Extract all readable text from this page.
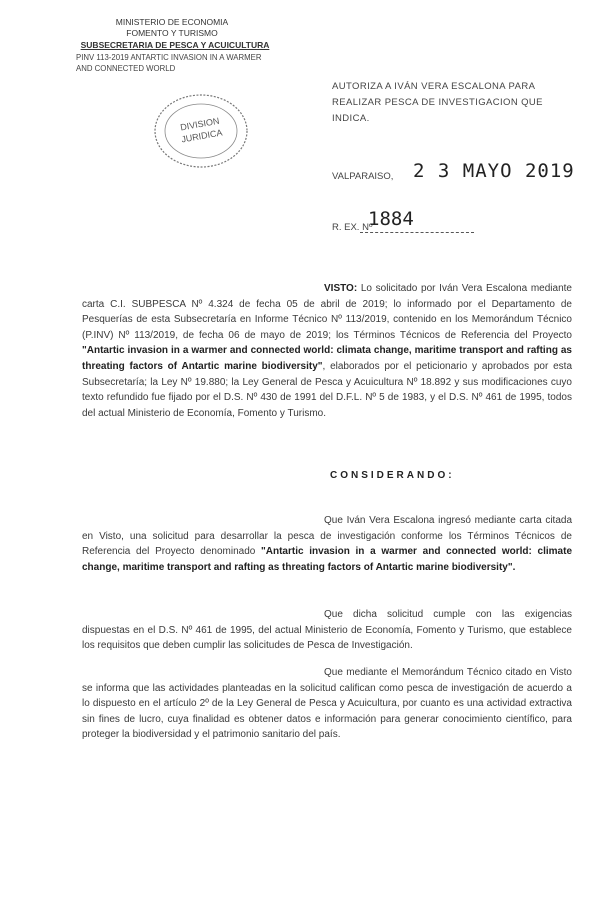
MINISTERIO DE ECONOMIA
FOMENTO Y TURISMO
SUBSECRETARIA DE PESCA Y ACUICULTURA
PINV 113-2019 ANTARTIC INVASION IN A WARMER
AND CONNECTED WORLD
DIVISION
JURIDICA
AUTORIZA A IVÁN VERA ESCALONA PARA REALIZAR PESCA DE INVESTIGACION QUE INDICA.
VALPARAISO, 2 3 MAYO 2019
R. EX. Nº
1884
VISTO: Lo solicitado por Iván Vera Escalona mediante carta C.I. SUBPESCA Nº 4.324 de fecha 05 de abril de 2019; lo informado por el Departamento de Pesquerías de esta Subsecretaría en Informe Técnico Nº 113/2019, contenido en los Memorándum Técnico (P.INV) Nº 113/2019, de fecha 06 de mayo de 2019; los Términos Técnicos de Referencia del Proyecto "Antartic invasion in a warmer and connected world: climata change, maritime transport and rafting as threating factors of Antartic marine biodiversity", elaborados por el peticionario y aprobados por esta Subsecretaría; la Ley Nº 19.880; la Ley General de Pesca y Acuicultura Nº 18.892 y sus modificaciones cuyo texto refundido fue fijado por el D.S. Nº 430 de 1991 del D.F.L. Nº 5 de 1983, y el D.S. Nº 461 de 1995, todos del actual Ministerio de Economía, Fomento y Turismo.
CONSIDERANDO:
Que Iván Vera Escalona ingresó mediante carta citada en Visto, una solicitud para desarrollar la pesca de investigación conforme los Términos Técnicos de Referencia del Proyecto denominado "Antartic invasion in a warmer and connected world: climate change, maritime transport and rafting as threating factors of Antartic marine biodiversity".
Que dicha solicitud cumple con las exigencias dispuestas en el D.S. Nº 461 de 1995, del actual Ministerio de Economía, Fomento y Turismo, que establece los requisitos que deben cumplir las solicitudes de Pesca de Investigación.
Que mediante el Memorándum Técnico citado en Visto se informa que las actividades planteadas en la solicitud califican como pesca de investigación de acuerdo a lo dispuesto en el artículo 2º de la Ley General de Pesca y Acuicultura, por cuanto es una actividad extractiva sin fines de lucro, cuya finalidad es obtener datos e información para generar conocimiento científico, para proteger la biodiversidad y el patrimonio sanitario del país.
